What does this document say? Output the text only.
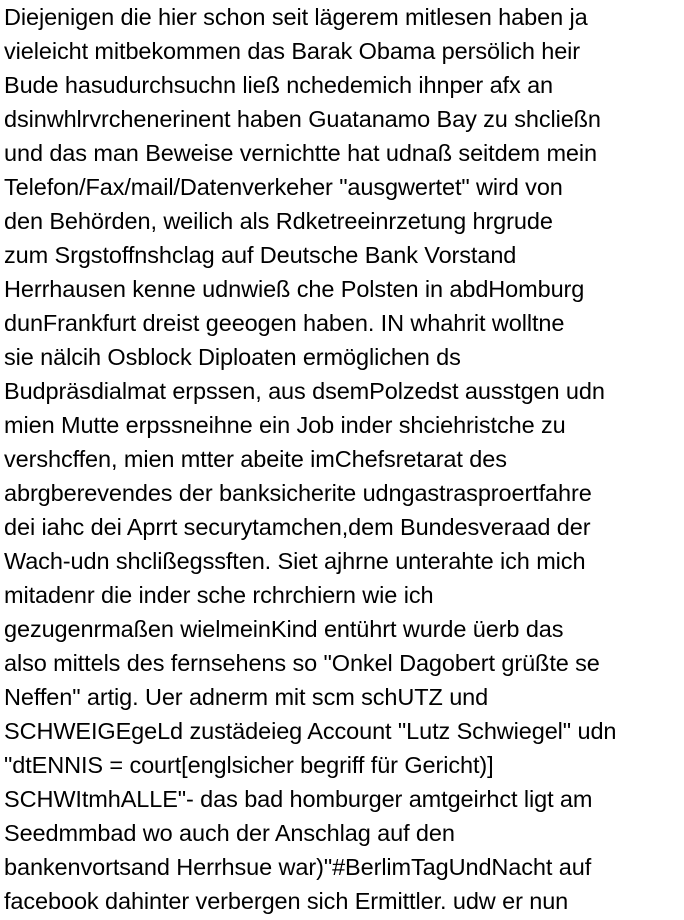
Diejenigen die hier schon seit lägerem mitlesen haben ja
vieleicht mitbekommen das Barak Obama persölich heir
Bude hasudurchsuchn ließ nchedemich ihnper afx an
dsinwhlrvrchenerinent haben Guatanamo Bay zu shcließn
und das man Beweise vernichtte hat udnaß seitdem mein
Telefon/Fax/mail/Datenverkeher "ausgwertet" wird von
den Behörden, weilich als Rdketreeinrzetung hrgrude
zum Srgstoffnshclag auf Deutsche Bank Vorstand
Herrhausen kenne udnwieß che Polsten in abdHomburg
dunFrankfurt dreist geeogen haben. IN whahrit wolltne
sie nälcih Osblock Diploaten ermöglichen ds
Budpräsdialmat erpssen, aus dsemPolzedst ausstgen udn
mien Mutte erpssneihne ein Job inder shciehristche zu
vershcffen, mien mtter abeite imChefsretarat des
abrgberevendes der banksicherite udngastrasproertfahre
dei iahc dei Aprrt securytamchen,dem Bundesveraad der
Wach-udn shclißegssften. Siet ajhrne unterahte ich mich
mitadenr die inder sche rchrchiern wie ich
gezugenrmaßen wielmeinKind entührt wurde üerb das
also mittels des fernsehens so "Onkel Dagobert grüßte se
Neffen" artig. Uer adnerm mit scm schUTZ und
SCHWEIGEgeLd zustädeieg Account "Lutz Schwiegel" udn
"dtENNIS = court[englsicher begriff für Gericht)]
SCHWItmhALLE"- das bad homburger amtgeirhct ligt am
Seedmmbad wo auch der Anschlag auf den
bankenvortsand Herrhsue war)"#BerlimTagUndNacht auf
facebook dahinter verbergen sich Ermittler. udw er nun
